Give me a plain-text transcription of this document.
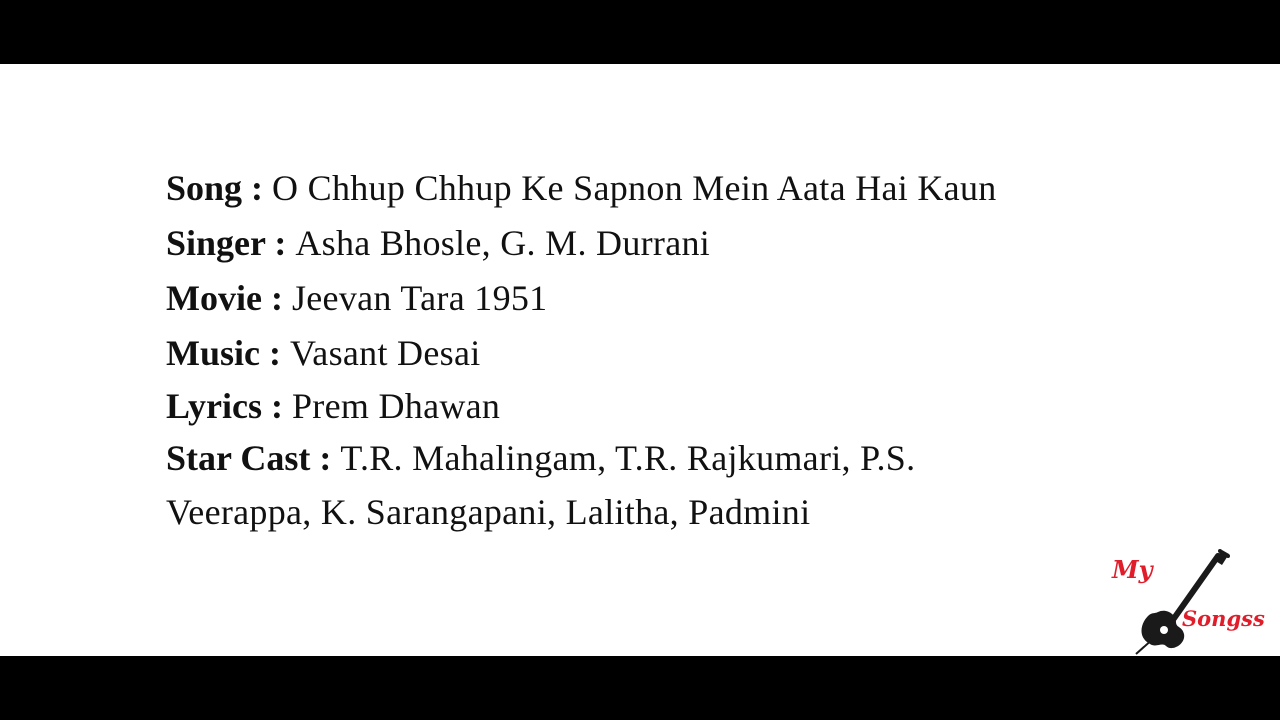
Song : O Chhup Chhup Ke Sapnon Mein Aata Hai Kaun
Singer : Asha Bhosle, G. M. Durrani
Movie : Jeevan Tara 1951
Music : Vasant Desai
Lyrics : Prem Dhawan
Star Cast : T.R. Mahalingam, T.R. Rajkumari, P.S. Veerappa, K. Sarangapani, Lalitha, Padmini
My
Songss
